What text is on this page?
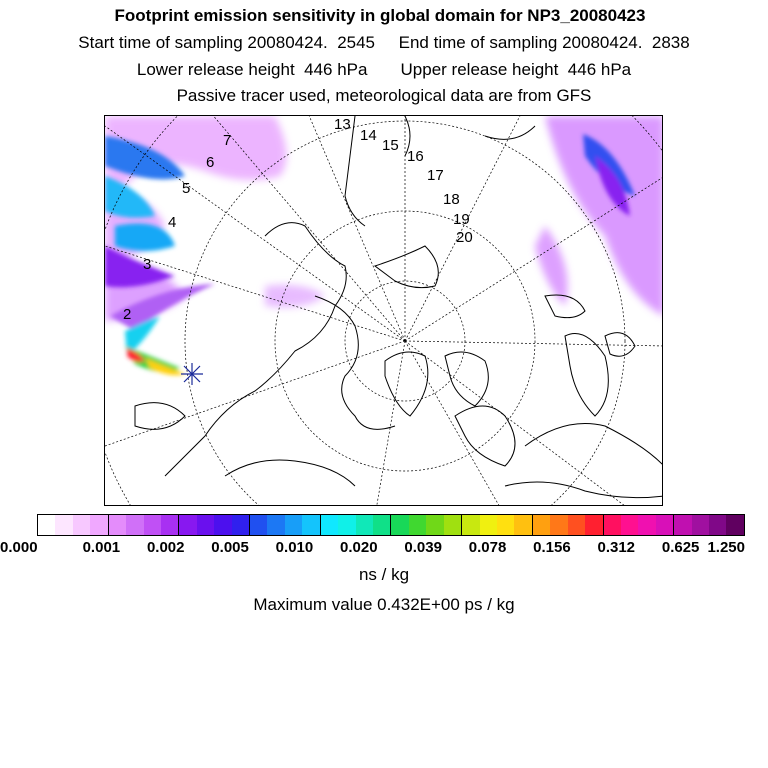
Footprint emission sensitivity in global domain for NP3_20080423
Start time of sampling 20080424.  2545     End time of sampling 20080424.  2838
Lower release height  446 hPa       Upper release height  446 hPa
Passive tracer used, meteorological data are from GFS
2
3
4
5
6
7
13
14
15
16
17
18
19
20
0.000	0.001 0.002 0.005 0.010 0.020 0.039 0.078 0.156 0.312 0.625 1.250
ns / kg
Maximum value 0.432E+00 ps / kg
